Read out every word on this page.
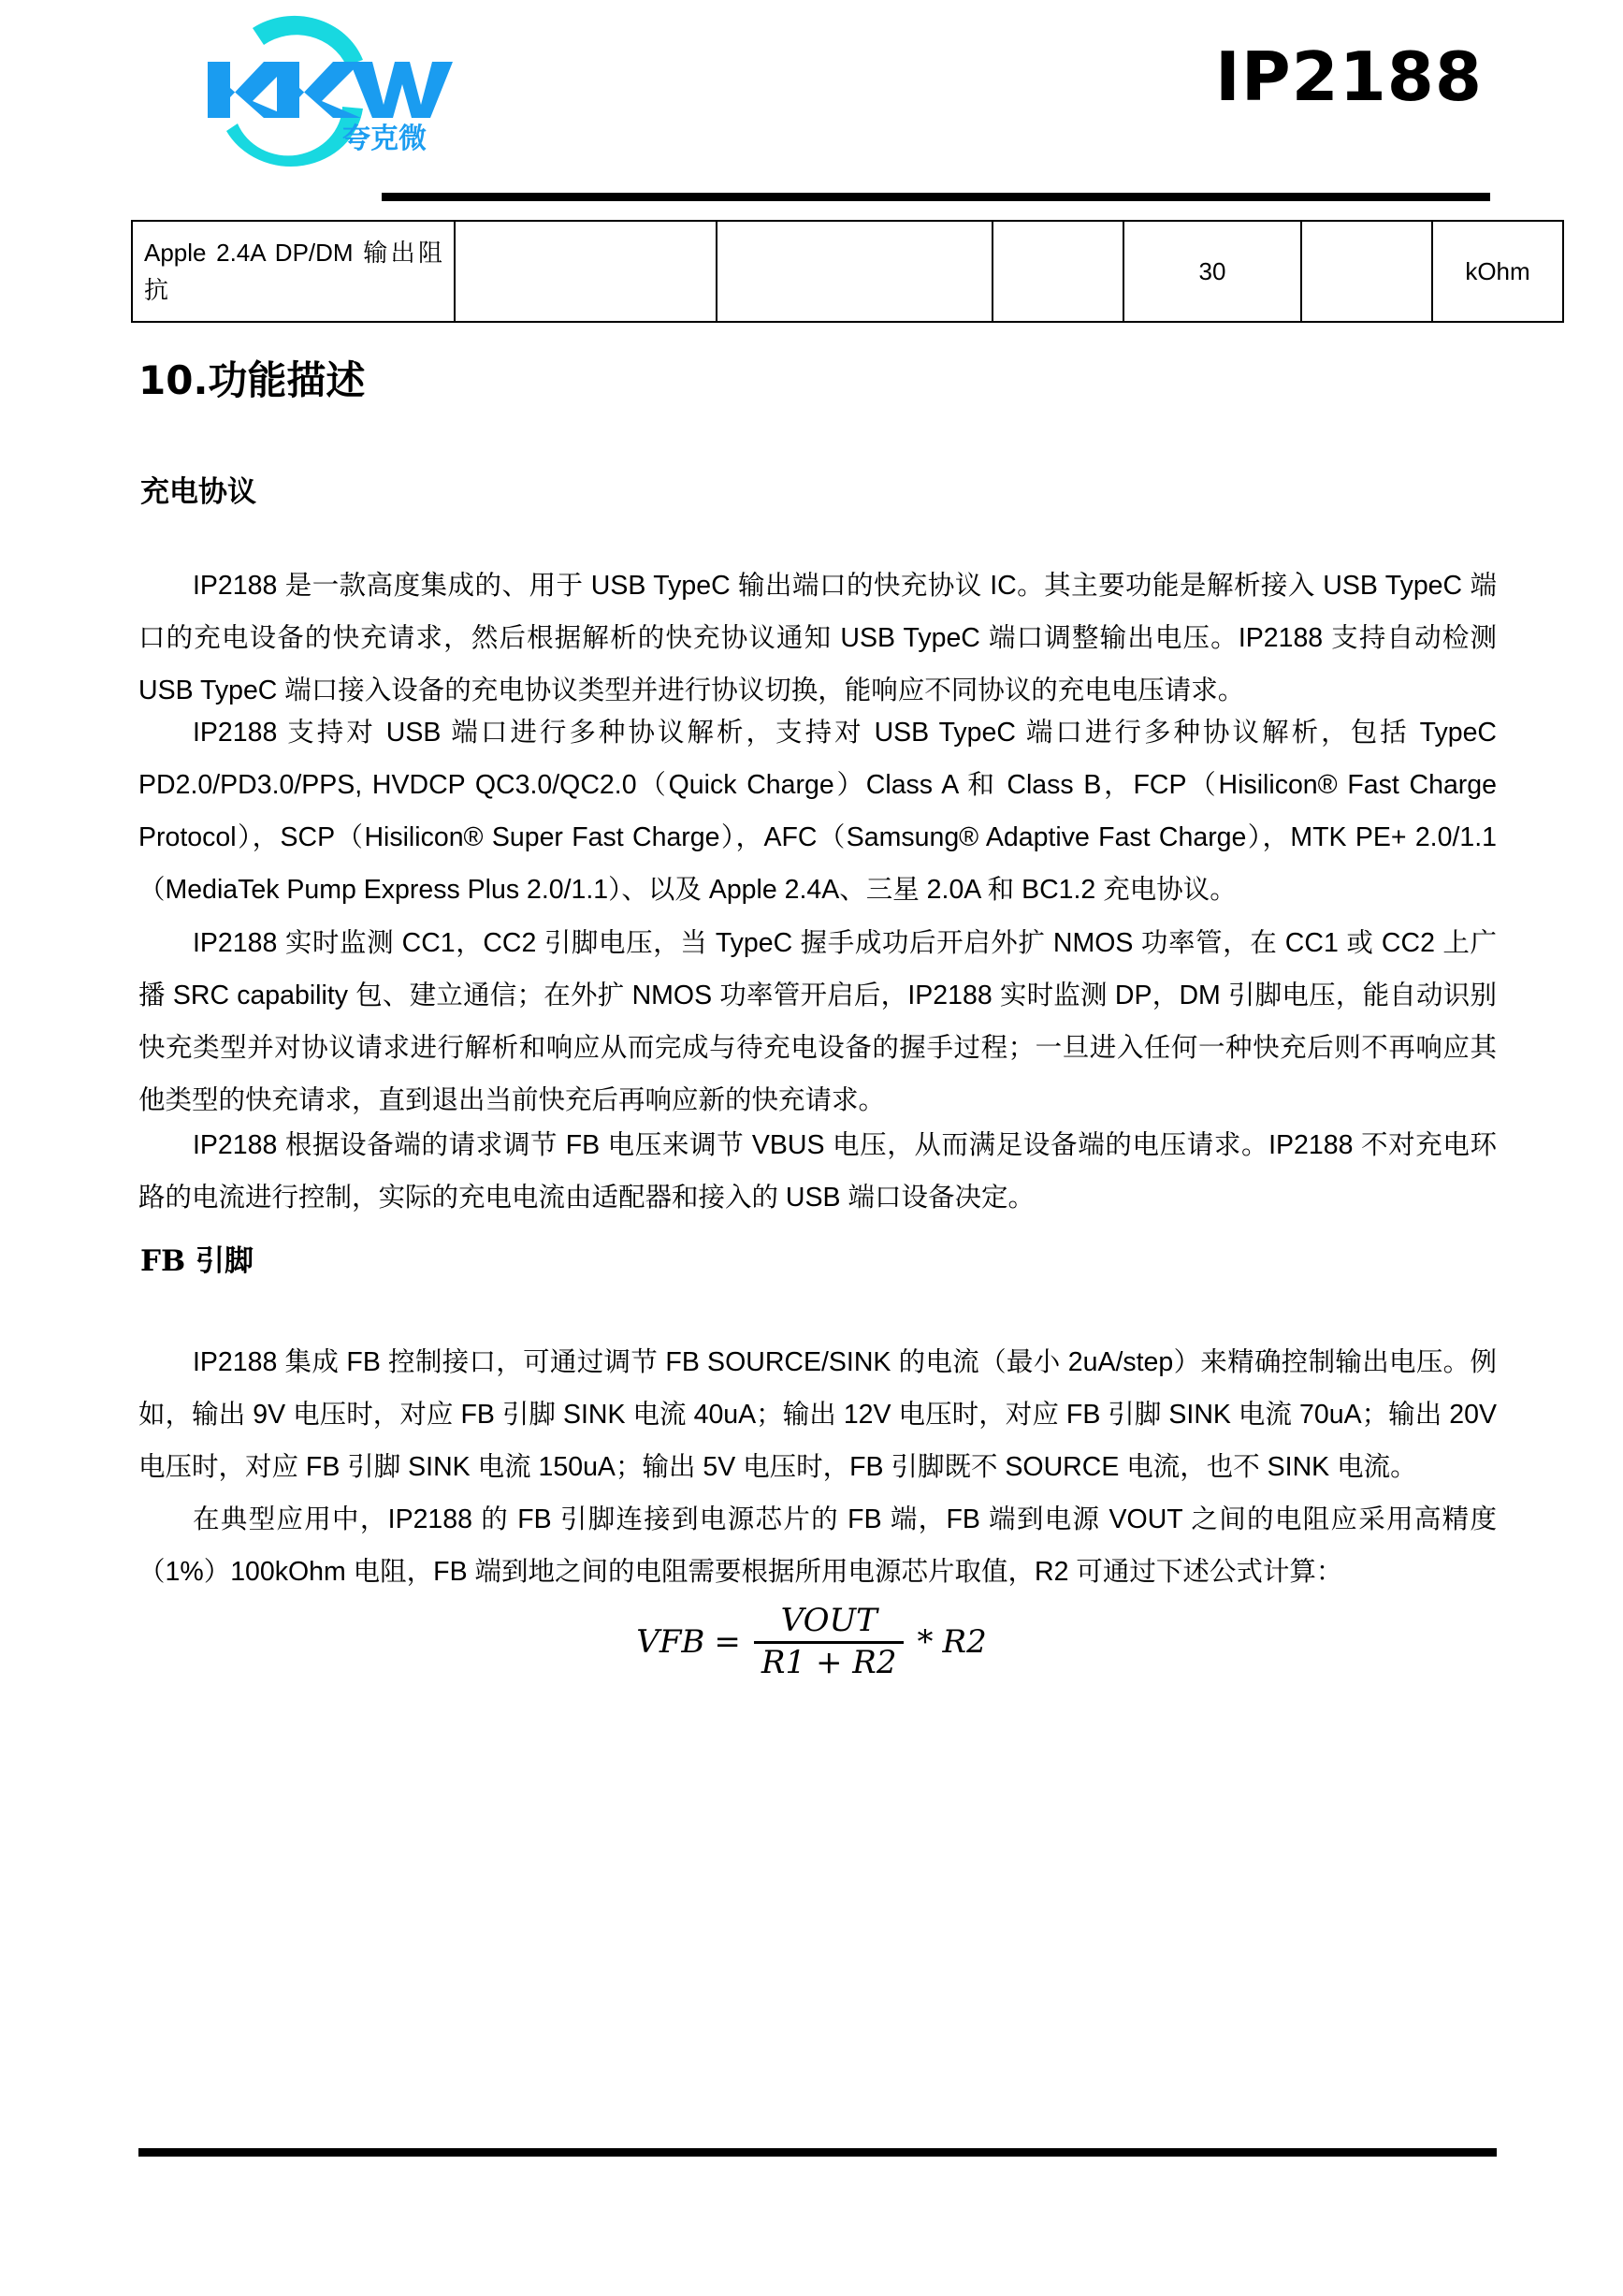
夸克微
IP2188
Apple 2.4A DP/DM 输出阻抗				30		kOhm
10.功能描述
充电协议
IP2188 是一款高度集成的、用于 USB TypeC 输出端口的快充协议 IC。其主要功能是解析接入 USB TypeC 端口的充电设备的快充请求，然后根据解析的快充协议通知 USB TypeC 端口调整输出电压。IP2188 支持自动检测 USB TypeC 端口接入设备的充电协议类型并进行协议切换，能响应不同协议的充电电压请求。
IP2188 支持对 USB 端口进行多种协议解析，支持对 USB TypeC 端口进行多种协议解析，包括 TypeC PD2.0/PD3.0/PPS, HVDCP QC3.0/QC2.0（Quick Charge）Class A 和 Class B，FCP（Hisilicon® Fast Charge Protocol），SCP（Hisilicon® Super Fast Charge），AFC（Samsung® Adaptive Fast Charge），MTK PE+ 2.0/1.1（MediaTek Pump Express Plus 2.0/1.1）、以及 Apple 2.4A、三星 2.0A 和 BC1.2 充电协议。
IP2188 实时监测 CC1，CC2 引脚电压，当 TypeC 握手成功后开启外扩 NMOS 功率管，在 CC1 或 CC2 上广播 SRC capability 包、建立通信；在外扩 NMOS 功率管开启后，IP2188 实时监测 DP，DM 引脚电压，能自动识别快充类型并对协议请求进行解析和响应从而完成与待充电设备的握手过程；一旦进入任何一种快充后则不再响应其他类型的快充请求，直到退出当前快充后再响应新的快充请求。
IP2188 根据设备端的请求调节 FB 电压来调节 VBUS 电压，从而满足设备端的电压请求。IP2188 不对充电环路的电流进行控制，实际的充电电流由适配器和接入的 USB 端口设备决定。
FB 引脚
IP2188 集成 FB 控制接口，可通过调节 FB SOURCE/SINK 的电流（最小 2uA/step）来精确控制输出电压。例如，输出 9V 电压时，对应 FB 引脚 SINK 电流 40uA；输出 12V 电压时，对应 FB 引脚 SINK 电流 70uA；输出 20V 电压时，对应 FB 引脚 SINK 电流 150uA；输出 5V 电压时，FB 引脚既不 SOURCE 电流，也不 SINK 电流。
在典型应用中，IP2188 的 FB 引脚连接到电源芯片的 FB 端，FB 端到电源 VOUT 之间的电阻应采用高精度（1%）100kOhm 电阻，FB 端到地之间的电阻需要根据所用电源芯片取值，R2 可通过下述公式计算：
VFB = $\frac{\text{VOUT}}{R1 + R2} * R2$
